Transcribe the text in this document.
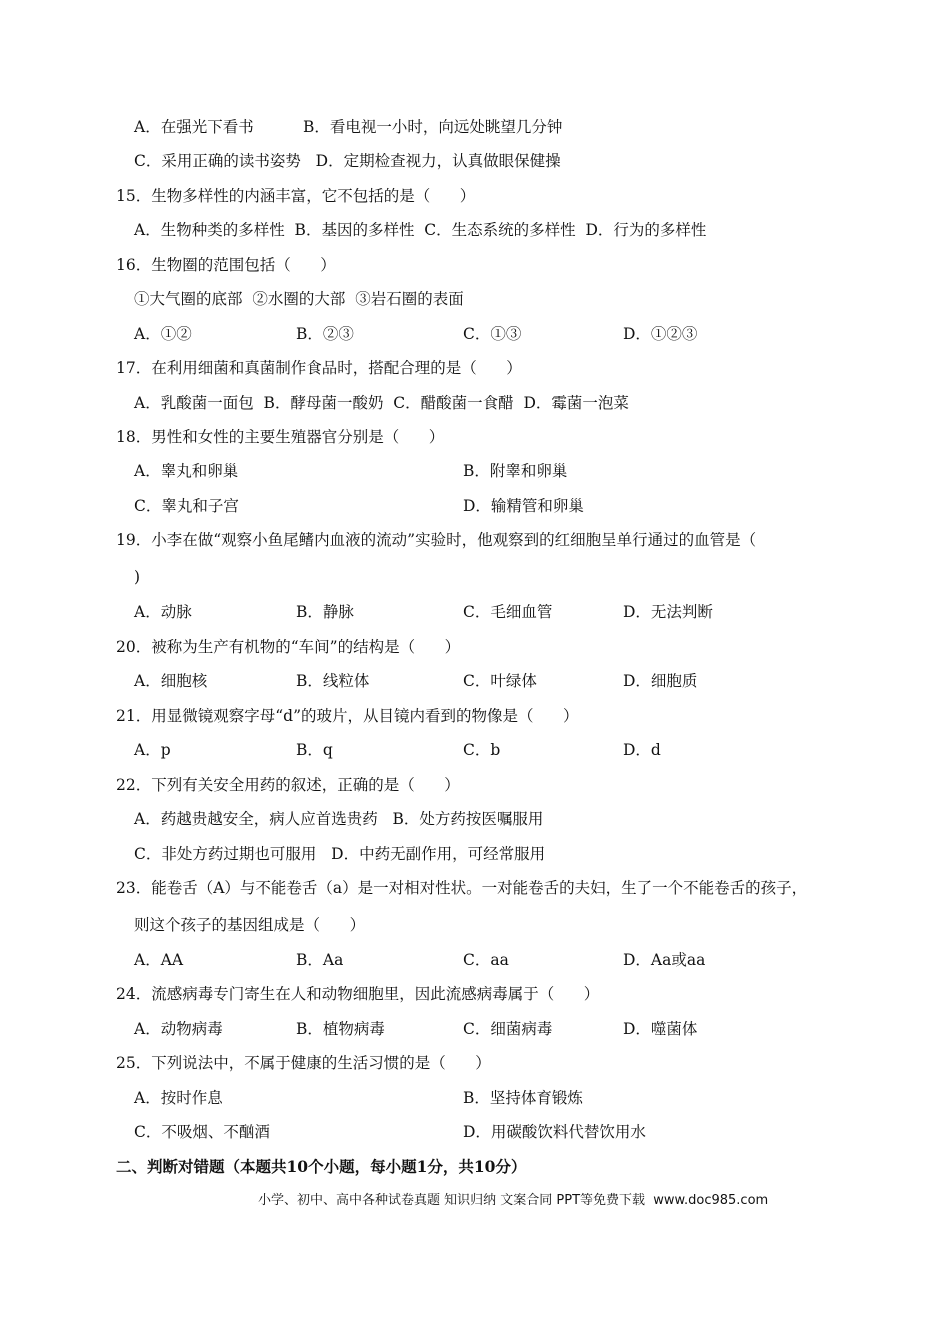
A．在强光下看书          B．看电视一小时，向远处眺望几分钟
C．采用正确的读书姿势   D．定期检查视力，认真做眼保健操
15．生物多样性的内涵丰富，它不包括的是（      ）
A．生物种类的多样性  B．基因的多样性  C．生态系统的多样性  D．行为的多样性
16．生物圈的范围包括（      ）
①大气圈的底部  ②水圈的大部  ③岩石圈的表面
A．①②	B．②③	C．①③	D．①②③
17．在利用细菌和真菌制作食品时，搭配合理的是（      ）
A．乳酸菌一面包  B．酵母菌一酸奶  C．醋酸菌一食醋  D．霉菌一泡菜
18．男性和女性的主要生殖器官分别是（      ）
A．睾丸和卵巢	B．附睾和卵巢
C．睾丸和子宫	D．输精管和卵巢
19．小李在做“观察小鱼尾鳍内血液的流动”实验时，他观察到的红细胞呈单行通过的血管是（
)
A．动脉	B．静脉	C．毛细血管	D．无法判断
20．被称为生产有机物的“车间”的结构是（      ）
A．细胞核	B．线粒体	C．叶绿体	D．细胞质
21．用显微镜观察字母“d”的玻片，从目镜内看到的物像是（      ）
A．p	B．q	C．b	D．d
22．下列有关安全用药的叙述，正确的是（      ）
A．药越贵越安全，病人应首选贵药   B．处方药按医嘱服用
C．非处方药过期也可服用   D．中药无副作用，可经常服用
23．能卷舌（A）与不能卷舌（a）是一对相对性状。一对能卷舌的夫妇，生了一个不能卷舌的孩子，
则这个孩子的基因组成是（      ）
A．AA	B．Aa	C．aa	D．Aa或aa
24．流感病毒专门寄生在人和动物细胞里，因此流感病毒属于（      ）
A．动物病毒	B．植物病毒	C．细菌病毒	D．噬菌体
25．下列说法中，不属于健康的生活习惯的是（      ）
A．按时作息	B．坚持体育锻炼
C．不吸烟、不酗酒	D．用碳酸饮料代替饮用水
二、判断对错题（本题共10个小题，每小题1分，共10分）
小学、初中、高中各种试卷真题 知识归纳 文案合同 PPT等免费下载  www.doc985.com
